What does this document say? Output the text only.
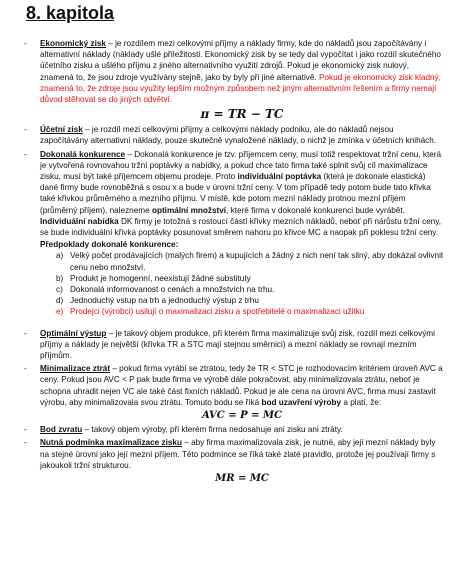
8. kapitola
- Ekonomický zisk – je rozdílem mezi celkovými příjmy a náklady firmy, kde do nákladů jsou započítávány i alternativní náklady (náklady ušlé příležitosti. Ekonomický zisk by se tedy dal vypočítat i jako rozdíl skutečného účetního zisku a ušlého příjmu z jiného alternativního využití zdrojů. Pokud je ekonomický zisk nulový, znamená to, že jsou zdroje využívány stejně, jako by byly při jiné alternativě. Pokud je ekonomický zisk kladný, znamená to, že zdroje jsou využity lepším možným způsobem než jiným alternativním řešením a firmy nemají důvod stěhovat se do jiných odvětví.
π = TR − TC
- Účetní zisk – je rozdíl mezi celkovými příjmy a celkovými náklady podniku, ale do nákladů nejsou započítávány alternativní náklady, pouze skutečně vynaložené náklady, o nichž je zmínka v účetních knihách.
- Dokonalá konkurence – Dokonalá konkurence je tzv. příjemcem ceny, musí totiž respektovat tržní cenu, která je vytvořená rovnovahou tržní poptávky a nabídky, a pokud chce tato firma také splnit svůj cíl maximalizace zisku, musí být také příjemcem objemu prodeje. Proto individuální poptávka (která je dokonale elastická) dané firmy bude rovnoběžná s osou x a bude v úrovni tržní ceny. V tom případě tedy potom bude tato křivka také křivkou průměrného a mezního příjmu. V místě, kde potom mezní náklady protnou mezní příjem (průměrný příjem), nalezneme optimální množství, které firma v dokonalé konkurenci bude vyrábět. Individuální nabídka DK firmy je totožná s rostoucí částí křivky mezních nákladů, neboť při nárůstu tržní ceny, se bude individuální křivka poptávky posunovat směrem nahoru po křivce MC a naopak při poklesu tržní ceny.
Předpoklady dokonalé konkurence:
a) Velký počet prodávajících (malých firem) a kupujících a žádný z nich není tak silný, aby dokázal ovlivnit cenu nebo množství.
b) Produkt je homogenní, neexistují žádné substituty
c) Dokonalá informovanost o cenách a množstvích na trhu.
d) Jednoduchý vstup na trh a jednoduchý výstup z trhu
e) Prodejci (výrobci) usilují o maximalizaci zisku a spotřebitelé o maximalizaci užitku
- Optimální výstup – je takový objem produkce, při kterém firma maximalizuje svůj zisk, rozdíl mezi celkovými příjmy a náklady je největší (křivka TR a STC mají stejnou směrnici) a mezní náklady se rovnají mezním příjmům.
- Minimalizace ztrát – pokud firma vyrábí se ztrátou, tedy že TR < STC je rozhodovacím kritériem úroveň AVC a ceny. Pokud jsou AVC < P pak bude firma ve výrobě dále pokračovat, aby minimalizovala ztrátu, neboť je schopna uhradit nejen VC ale také část fixních nákladů. Pokud je ale cena na úrovni AVC, firma musí zastavit výrobu, aby minimalizovala svou ztrátu. Tomuto bodu se říká bod uzavření výroby a platí, že:
AVC = P = MC
- Bod zvratu – takový objem výroby, při kterém firma nedosahuje ani zisku ani ztráty.
- Nutná podmínka maximalizace zisku – aby firma maximalizovala zisk, je nutné, aby její mezní náklady byly na stejné úrovni jako její mezní příjem. Této podmínce se říká také zlaté pravidlo, protože jej používají firmy s jakoukoli tržní strukturou.
MR = MC
